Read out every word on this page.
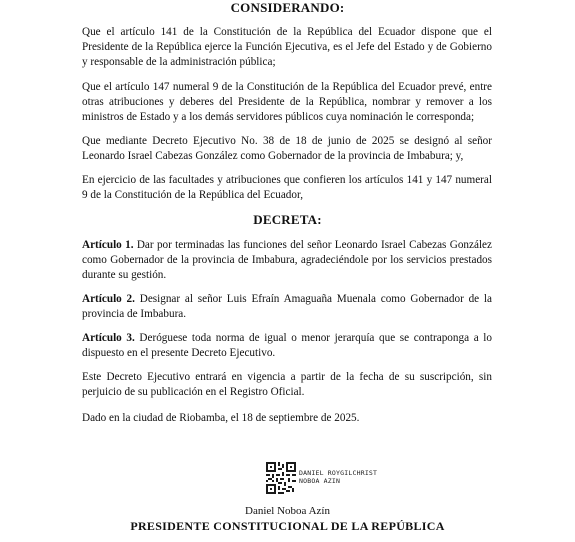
CONSIDERANDO:
Que el artículo 141 de la Constitución de la República del Ecuador dispone que el Presidente de la República ejerce la Función Ejecutiva, es el Jefe del Estado y de Gobierno y responsable de la administración pública;
Que el artículo 147 numeral 9 de la Constitución de la República del Ecuador prevé, entre otras atribuciones y deberes del Presidente de la República, nombrar y remover a los ministros de Estado y a los demás servidores públicos cuya nominación le corresponda;
Que mediante Decreto Ejecutivo No. 38 de 18 de junio de 2025 se designó al señor Leonardo Israel Cabezas González como Gobernador de la provincia de Imbabura; y,
En ejercicio de las facultades y atribuciones que confieren los artículos 141 y 147 numeral 9 de la Constitución de la República del Ecuador,
DECRETA:
Artículo 1. Dar por terminadas las funciones del señor Leonardo Israel Cabezas González como Gobernador de la provincia de Imbabura, agradeciéndole por los servicios prestados durante su gestión.
Artículo 2. Designar al señor Luis Efraín Amaguaña Muenala como Gobernador de la provincia de Imbabura.
Artículo 3. Deróguese toda norma de igual o menor jerarquía que se contraponga a lo dispuesto en el presente Decreto Ejecutivo.
Este Decreto Ejecutivo entrará en vigencia a partir de la fecha de su suscripción, sin perjuicio de su publicación en el Registro Oficial.
Dado en la ciudad de Riobamba, el 18 de septiembre de 2025.
DANIEL ROYGILCHRIST
NOBOA AZIN
Daniel Noboa Azín
PRESIDENTE CONSTITUCIONAL DE LA REPÚBLICA
